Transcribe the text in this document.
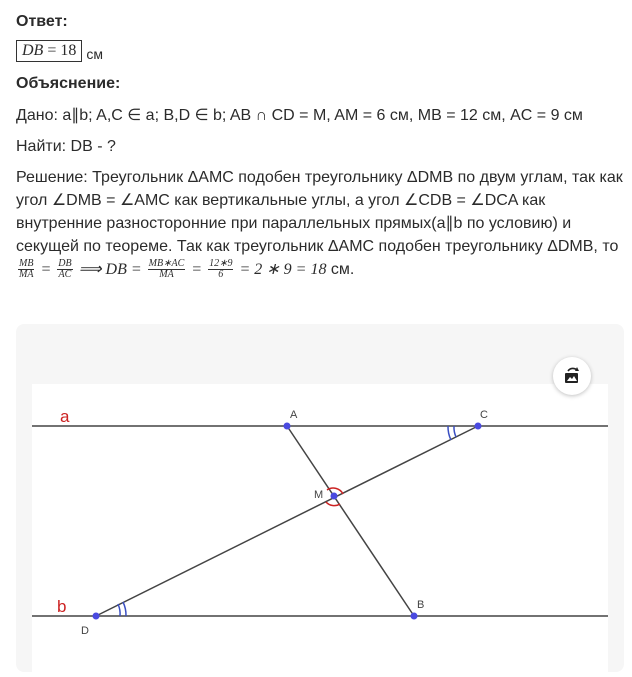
Ответ:

DB = 18 см

Объяснение:

Дано: a∥b; A,C ∈ a; B,D ∈ b; AB ∩ CD = M, AM = 6 см, MB = 12 см, AC = 9 см

Найти: DB - ?

Решение: Треугольник ΔAMC подобен треугольнику ΔDMB по двум углам, так как угол ∠DMB = ∠AMC как вертикальные углы, а угол ∠CDB = ∠DCA как внутренние разносторонние при параллельных прямых(a∥b по условию) и секущей по теореме. Так как треугольник ΔAMC подобен треугольнику ΔDMB, то
$\frac{MB}{MA} = \frac{DB}{AC}$ ⟹ DB = $\frac{MB∗AC}{MA} = \frac{12∗9}{6} = 2$ ∗ 9 = 18 см.

a
b
A	C
M
D
B
